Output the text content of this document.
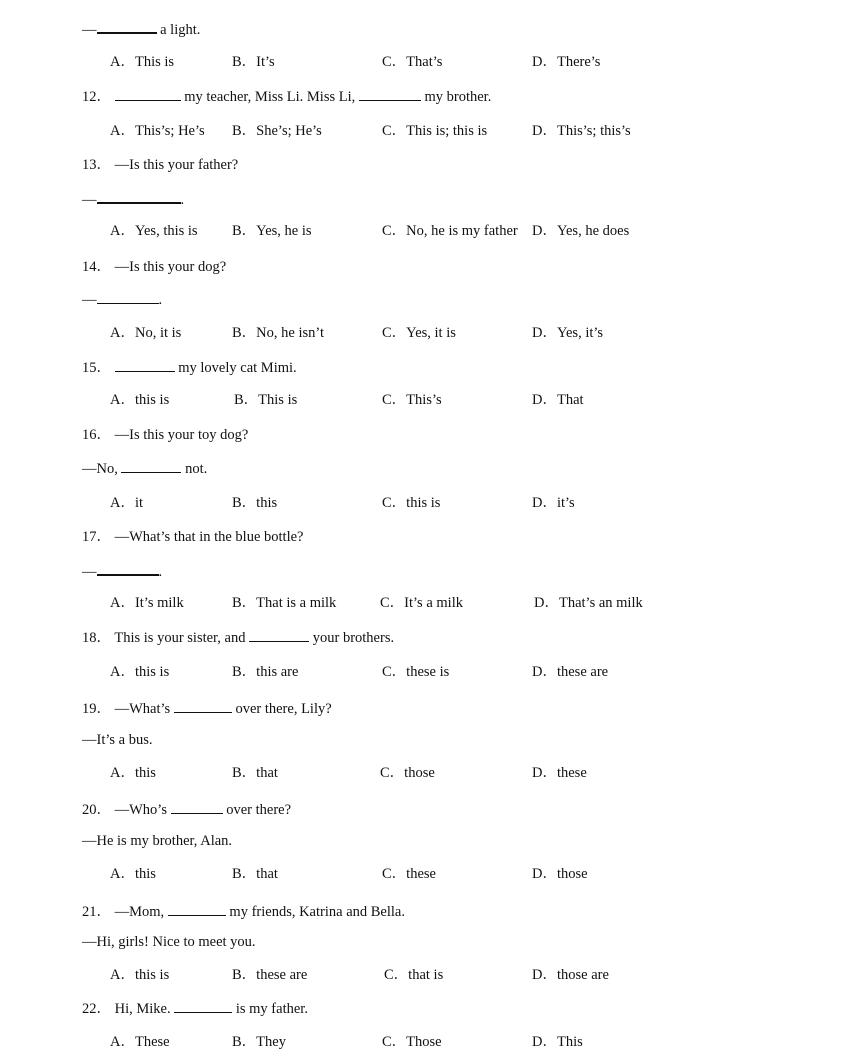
—	a light.
A．This is	B．It’s	C．That’s	D．There’s
12．	my teacher, Miss Li. Miss Li,	my brother.
A．This’s; He’s B．She’s; He’s	C．This is; this is	D．This’s; this’s
13． —Is this your father?
—	.
A．Yes, this is B．Yes, he is	C．No, he is my father D．Yes, he does
14． —Is this your dog?
—	.
A．No, it is	B．No, he isn’t	C．Yes, it is	D．Yes, it’s
15．	my lovely cat Mimi.
A．this is	B．This is	C．This’s	D．That
16． —Is this your toy dog?
—No,	not.
A．it	B．this	C．this is	D．it’s
17． —What’s that in the blue bottle?
—	.
A．It’s milk	B．That is a milk	C．It’s a milk	D．That’s an milk
18． This is your sister, and	your brothers.
A．this is	B．this are	C．these is	D．these are
19． —What’s	over there, Lily?
—It’s a bus.
A．this	B．that	C．those	D．these
20． —Who’s	over there?
—He is my brother, Alan.
A．this	B．that	C．these	D．those
21． —Mom,	my friends, Katrina and Bella.
—Hi, girls! Nice to meet you.
A．this is	B．these are	C．that is	D．those are
22． Hi, Mike.	is my father.
A．These	B．They	C．Those	D．This
